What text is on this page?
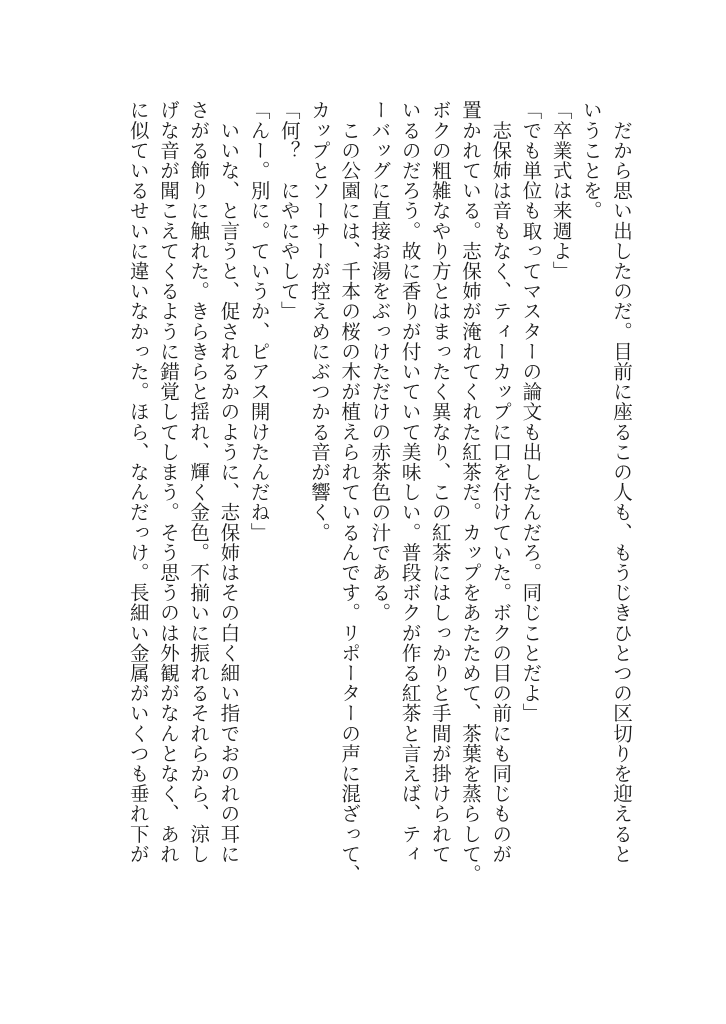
　だから思い出したのだ。目前に座るこの人も、もうじきひとつの区切りを迎えると
いうことを。
「卒業式は来週よ」
「でも単位も取ってマスターの論文も出したんだろ。同じことだよ」
　志保姉は音もなく、ティーカップに口を付けていた。ボクの目の前にも同じものが
置かれている。志保姉が淹れてくれた紅茶だ。カップをあたためて、茶葉を蒸らして。
ボクの粗雑なやり方とはまったく異なり、この紅茶にはしっかりと手間が掛けられて
いるのだろう。故に香りが付いていて美味しい。普段ボクが作る紅茶と言えば、ティ
ーバッグに直接お湯をぶっけただけの赤茶色の汁である。
　この公園には、千本の桜の木が植えられているんです。リポーターの声に混ざって、
カップとソーサーが控えめにぶつかる音が響く。
「何？　にやにやして」
「んー。別に。ていうか、ピアス開けたんだね」
　いいな、と言うと、促されるかのように、志保姉はその白く細い指でおのれの耳に
さがる飾りに触れた。きらきらと揺れ、輝く金色。不揃いに振れるそれらから、涼し
げな音が聞こえてくるように錯覚してしまう。そう思うのは外観がなんとなく、あれ
に似ているせいに違いなかった。ほら、なんだっけ。長細い金属がいくつも垂れ下が
